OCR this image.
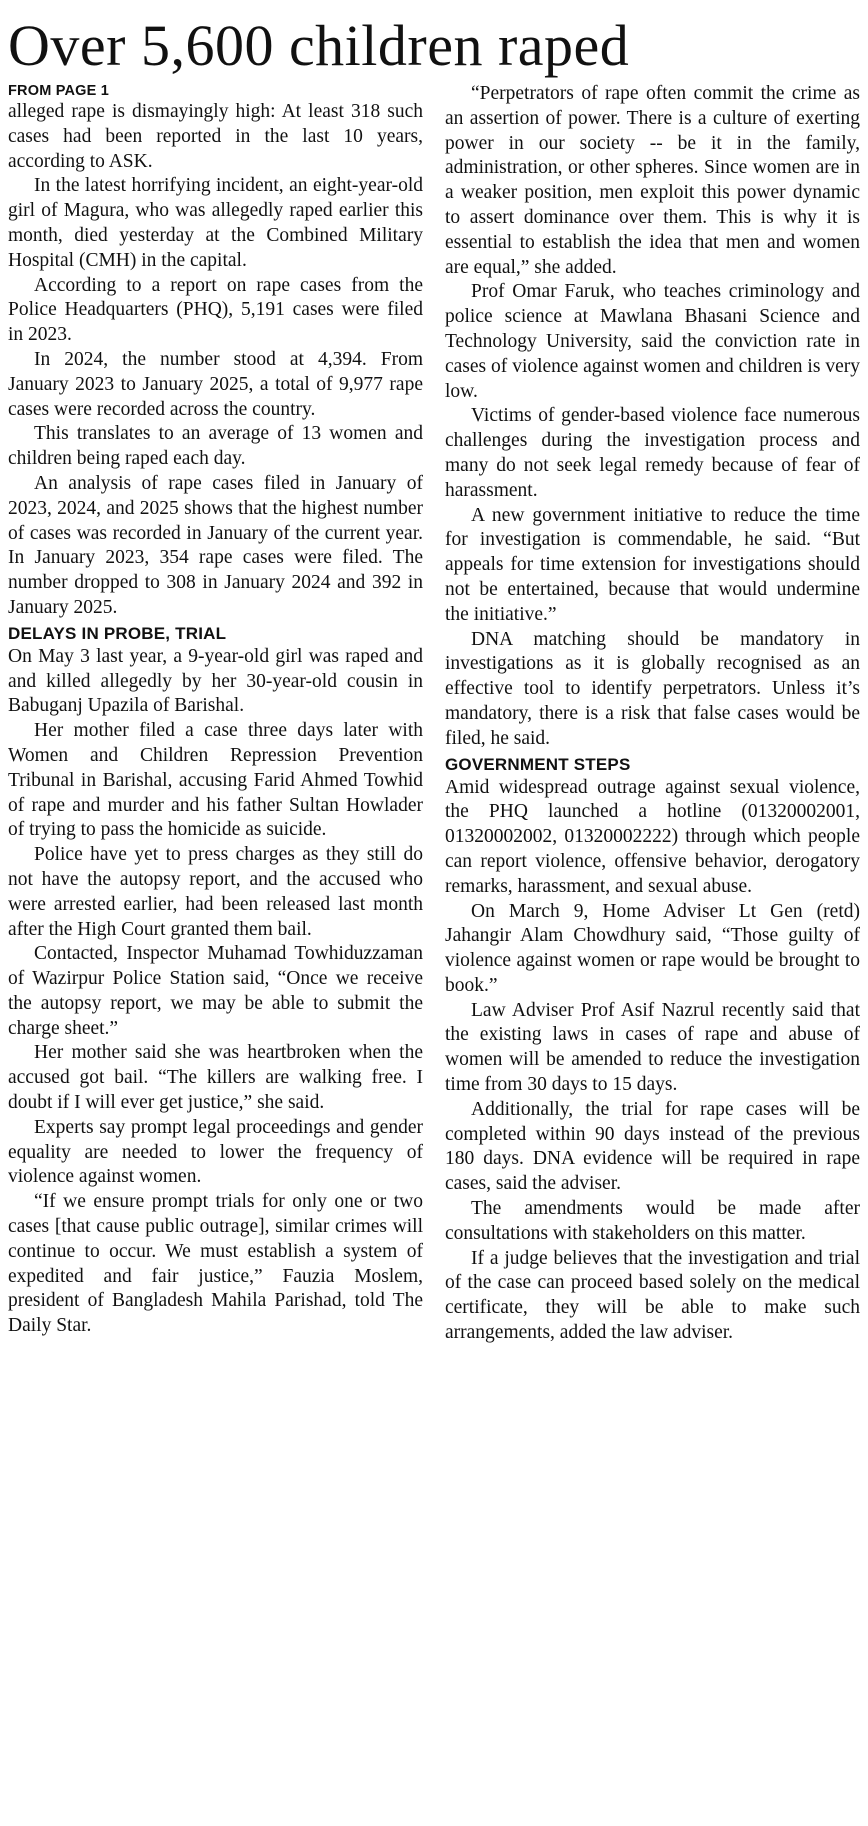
Over 5,600 children raped
FROM PAGE 1

alleged rape is dismayingly high: At least 318 such cases had been reported in the last 10 years, according to ASK.

In the latest horrifying incident, an eight-year-old girl of Magura, who was allegedly raped earlier this month, died yesterday at the Combined Military Hospital (CMH) in the capital.

According to a report on rape cases from the Police Headquarters (PHQ), 5,191 cases were filed in 2023.

In 2024, the number stood at 4,394. From January 2023 to January 2025, a total of 9,977 rape cases were recorded across the country.

This translates to an average of 13 women and children being raped each day.

An analysis of rape cases filed in January of 2023, 2024, and 2025 shows that the highest number of cases was recorded in January of the current year. In January 2023, 354 rape cases were filed. The number dropped to 308 in January 2024 and 392 in January 2025.

DELAYS IN PROBE, TRIAL

On May 3 last year, a 9-year-old girl was raped and and killed allegedly by her 30-year-old cousin in Babuganj Upazila of Barishal.

Her mother filed a case three days later with Women and Children Repression Prevention Tribunal in Barishal, accusing Farid Ahmed Towhid of rape and murder and his father Sultan Howlader of trying to pass the homicide as suicide.

Police have yet to press charges as they still do not have the autopsy report, and the accused who were arrested earlier, had been released last month after the High Court granted them bail.

Contacted, Inspector Muhamad Towhiduzzaman of Wazirpur Police Station said, “Once we receive the autopsy report, we may be able to submit the charge sheet.”

Her mother said she was heartbroken when the accused got bail. “The killers are walking free. I doubt if I will ever get justice,” she said.

Experts say prompt legal proceedings and gender equality are needed to lower the frequency of violence against women.

“If we ensure prompt trials for only one or two cases [that cause public outrage], similar crimes will continue to occur. We must establish a system of expedited and fair justice,” Fauzia Moslem, president of Bangladesh Mahila Parishad, told The Daily Star.

“Perpetrators of rape often commit the crime as an assertion of power. There is a culture of exerting power in our society -- be it in the family, administration, or other spheres. Since women are in a weaker position, men exploit this power dynamic to assert dominance over them. This is why it is essential to establish the idea that men and women are equal,” she added.

Prof Omar Faruk, who teaches criminology and police science at Mawlana Bhasani Science and Technology University, said the conviction rate in cases of violence against women and children is very low.

Victims of gender-based violence face numerous challenges during the investigation process and many do not seek legal remedy because of fear of harassment.

A new government initiative to reduce the time for investigation is commendable, he said. “But appeals for time extension for investigations should not be entertained, because that would undermine the initiative.”

DNA matching should be mandatory in investigations as it is globally recognised as an effective tool to identify perpetrators. Unless it’s mandatory, there is a risk that false cases would be filed, he said.

GOVERNMENT STEPS

Amid widespread outrage against sexual violence, the PHQ launched a hotline (01320002001, 01320002002, 01320002222) through which people can report violence, offensive behavior, derogatory remarks, harassment, and sexual abuse.

On March 9, Home Adviser Lt Gen (retd) Jahangir Alam Chowdhury said, “Those guilty of violence against women or rape would be brought to book.”

Law Adviser Prof Asif Nazrul recently said that the existing laws in cases of rape and abuse of women will be amended to reduce the investigation time from 30 days to 15 days.

Additionally, the trial for rape cases will be completed within 90 days instead of the previous 180 days. DNA evidence will be required in rape cases, said the adviser.

The amendments would be made after consultations with stakeholders on this matter.

If a judge believes that the investigation and trial of the case can proceed based solely on the medical certificate, they will be able to make such arrangements, added the law adviser.
